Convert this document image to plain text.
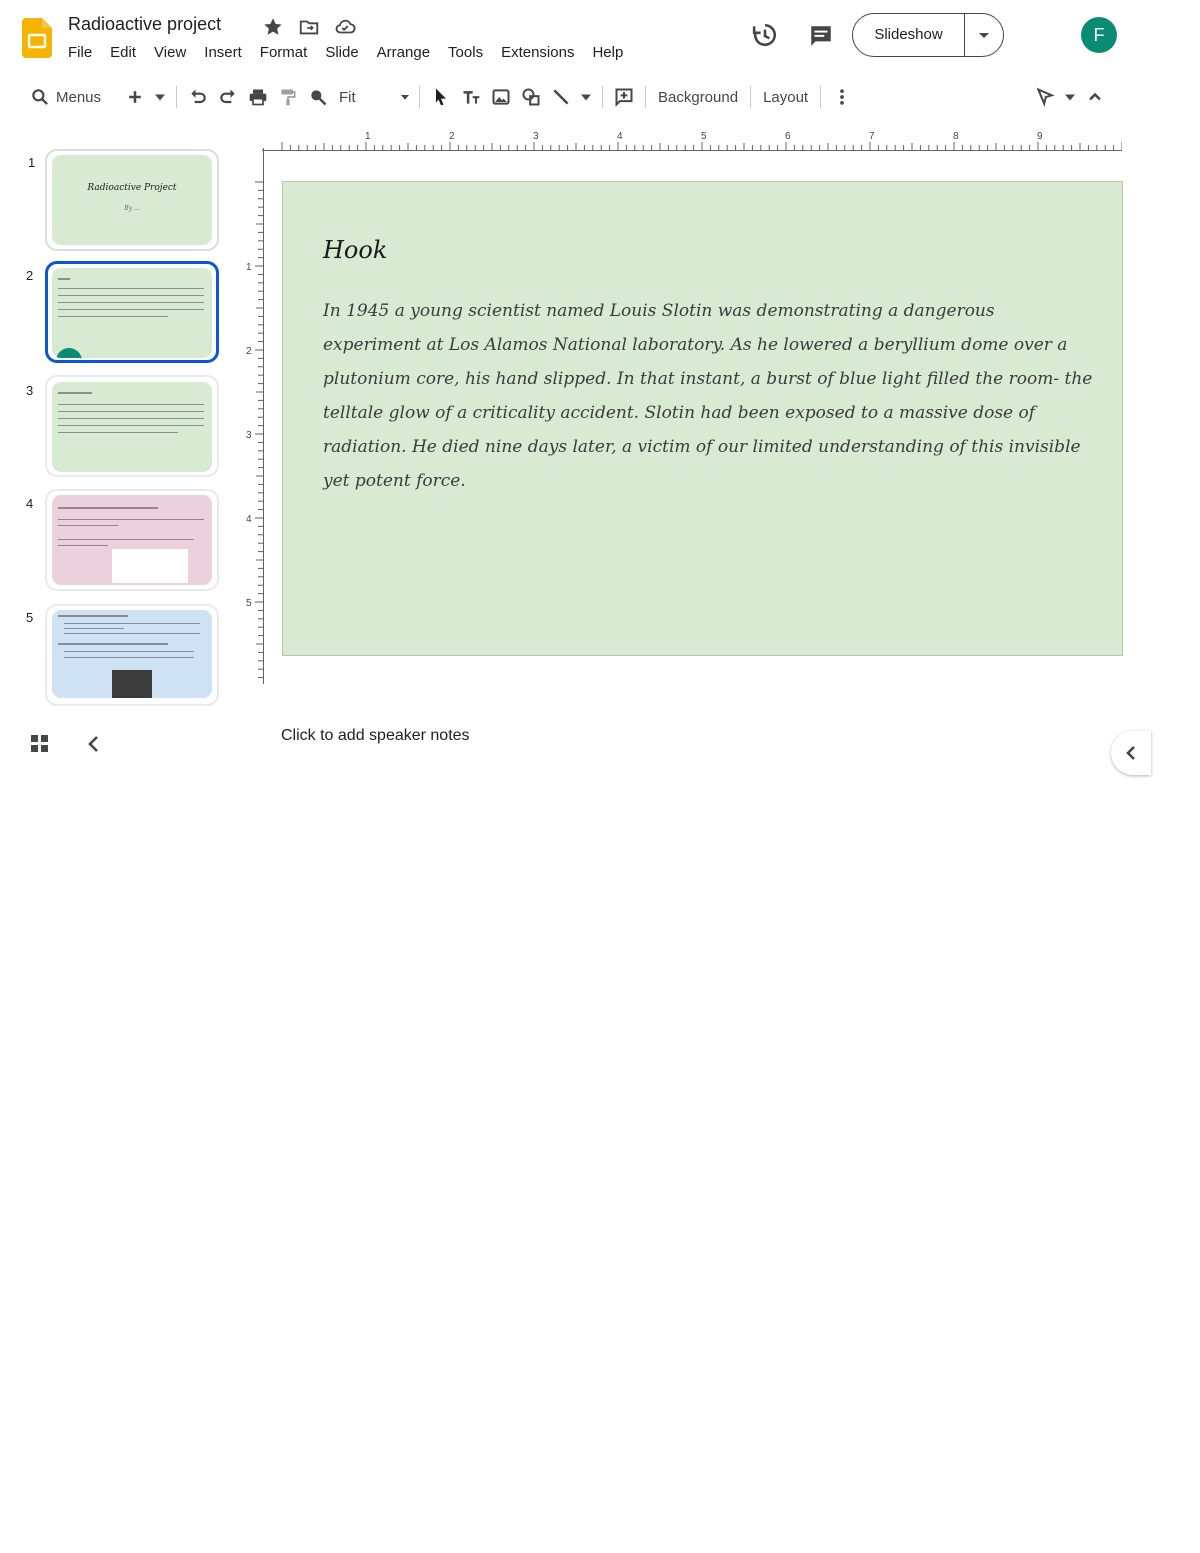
Radioactive project
File Edit View Insert Format Slide Arrange Tools Extensions Help
Slideshow	F
Menus	Fit	Background	Layout
1
Radioactive Project
By ...
2
3
4
5
1	2	3	4	5	6	7	8	9
1
2
3
4
5
Hook
In 1945 a young scientist named Louis Slotin was demonstrating a dangerous experiment at Los Alamos National laboratory. As he lowered a beryllium dome over a plutonium core, his hand slipped. In that instant, a burst of blue light filled the room- the telltale glow of a criticality accident. Slotin had been exposed to a massive dose of radiation. He died nine days later, a victim of our limited understanding of this invisible yet potent force.
Click to add speaker notes
